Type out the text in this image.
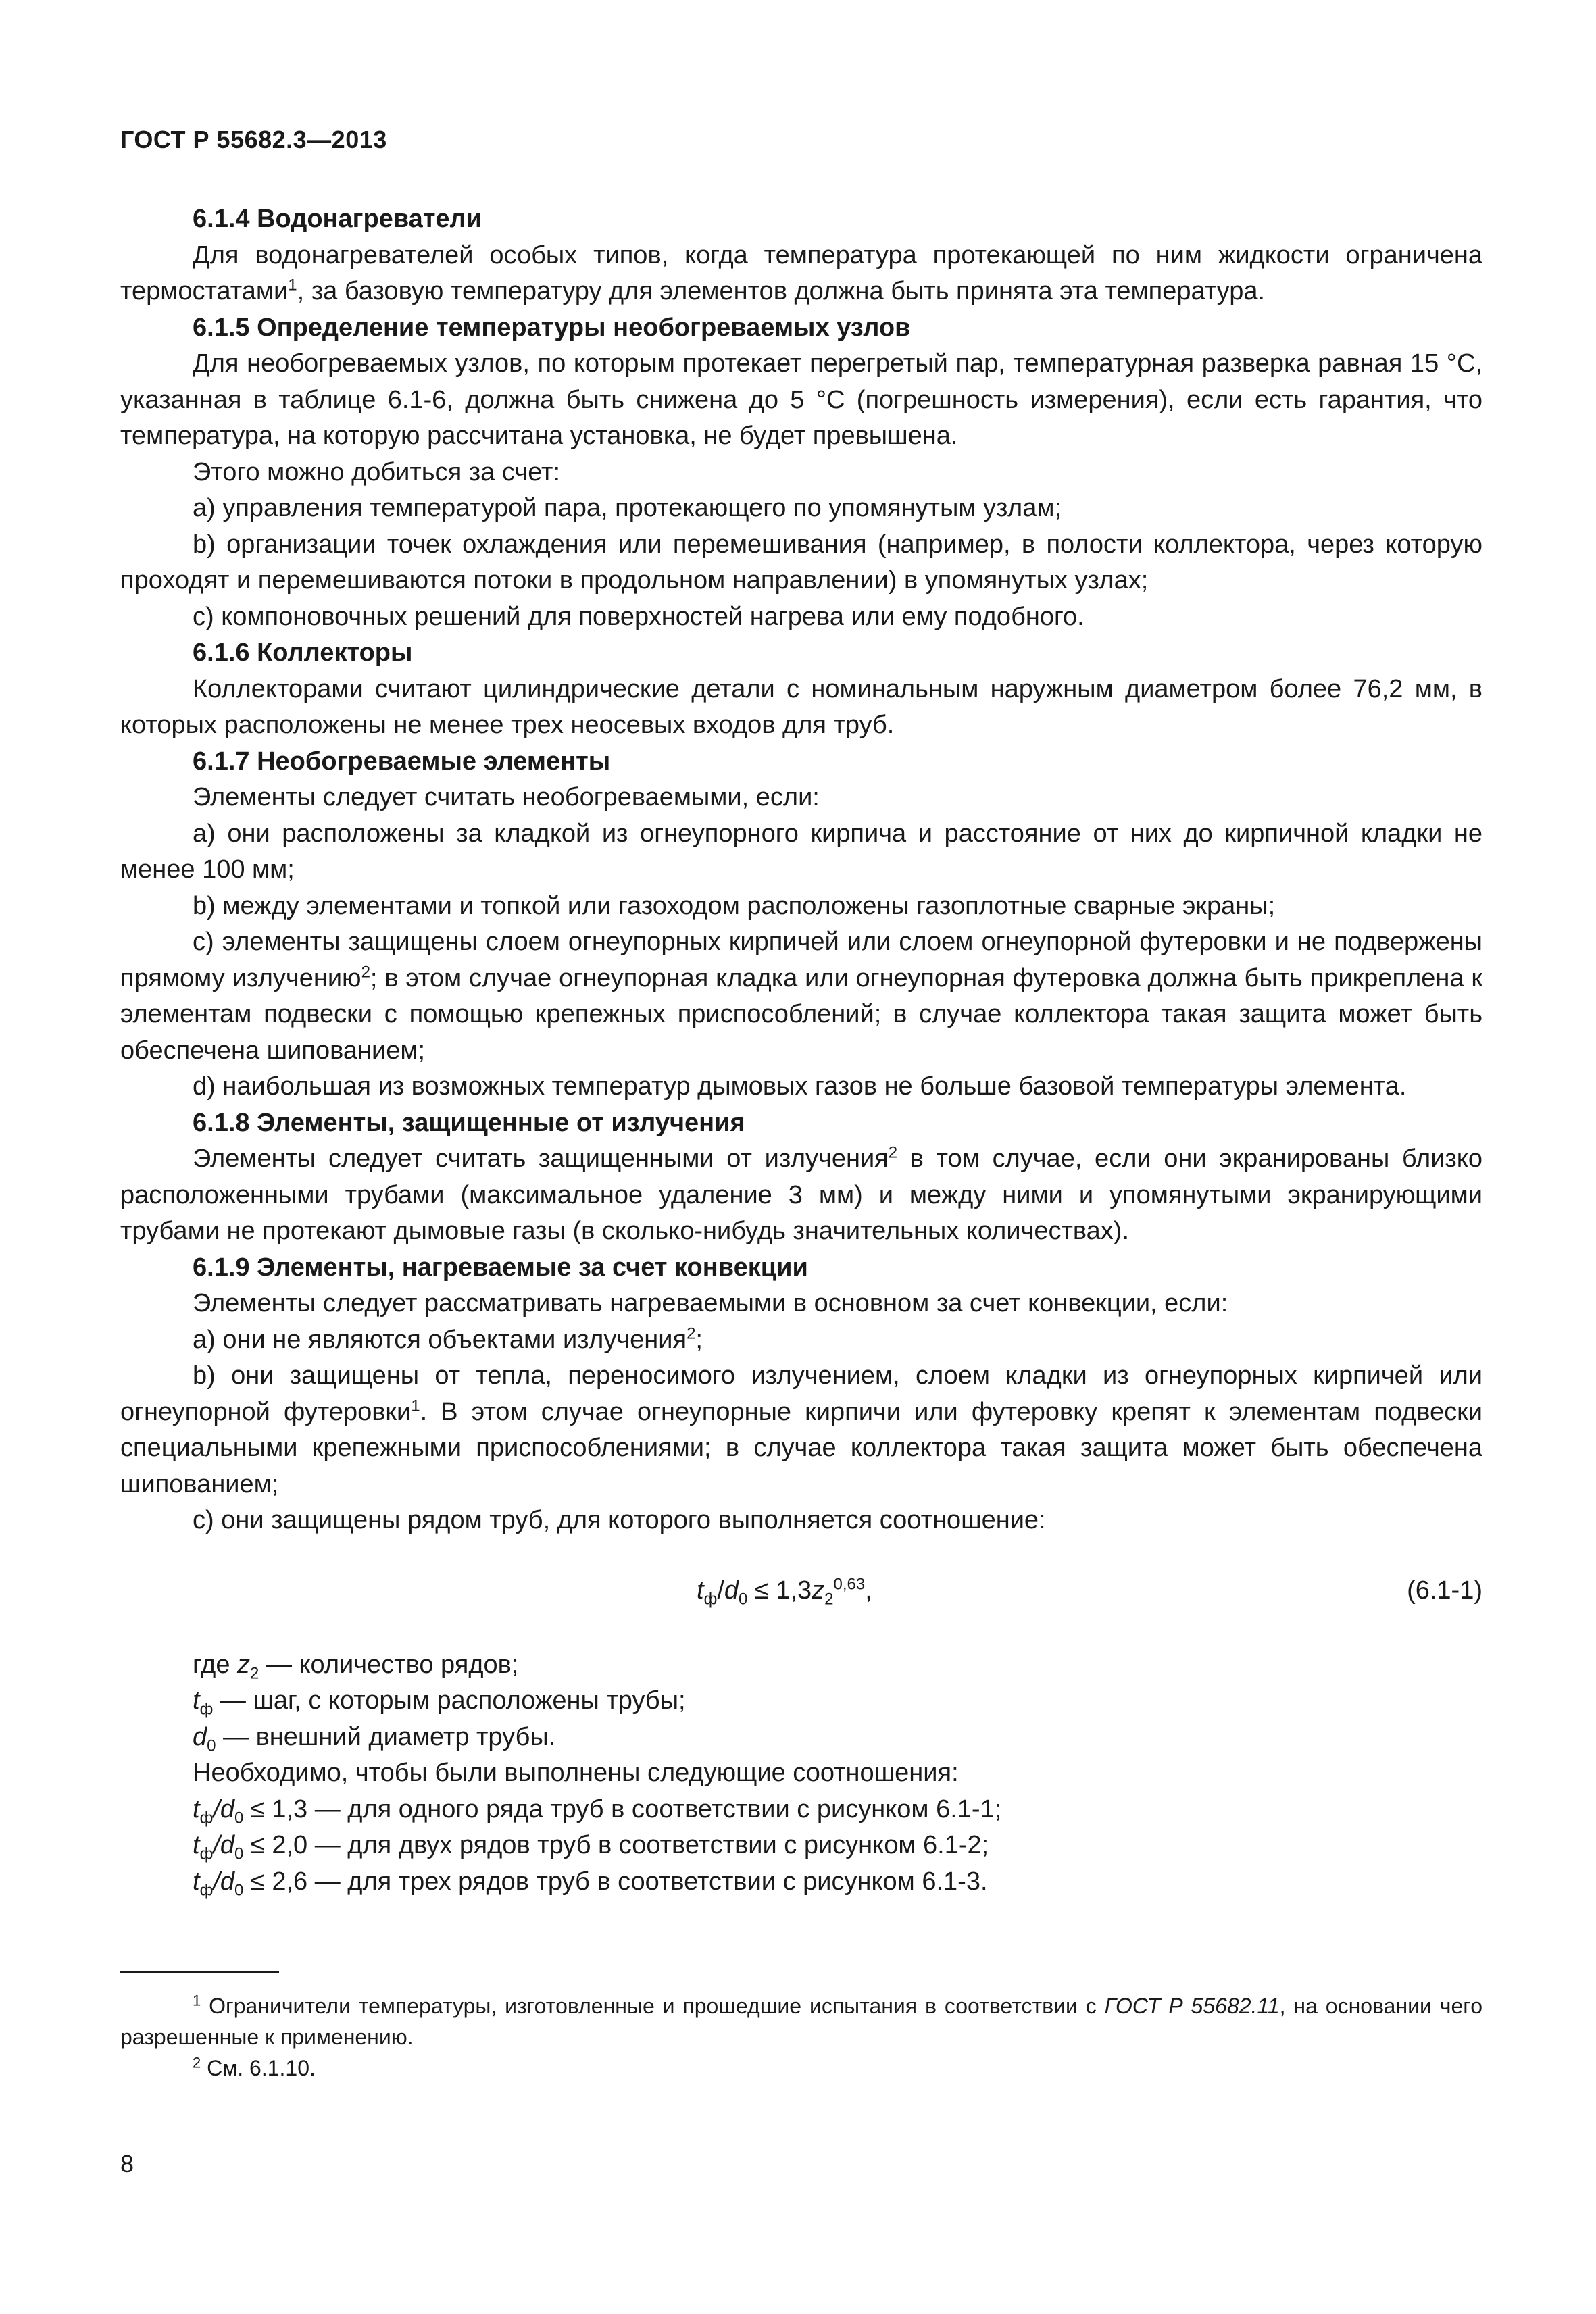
ГОСТ Р 55682.3—2013

6.1.4 Водонагреватели

Для водонагревателей особых типов, когда температура протекающей по ним жидкости ограничена термостатами$^1$, за базовую температуру для элементов должна быть принята эта температура.

6.1.5 Определение температуры необогреваемых узлов

Для необогреваемых узлов, по которым протекает перегретый пар, температурная разверка равная 15 °С, указанная в таблице 6.1-6, должна быть снижена до 5 °С (погрешность измерения), если есть гарантия, что температура, на которую рассчитана установка, не будет превышена.

Этого можно добиться за счет:

а) управления температурой пара, протекающего по упомянутым узлам;

b) организации точек охлаждения или перемешивания (например, в полости коллектора, через которую проходят и перемешиваются потоки в продольном направлении) в упомянутых узлах;

с) компоновочных решений для поверхностей нагрева или ему подобного.

6.1.6 Коллекторы

Коллекторами считают цилиндрические детали с номинальным наружным диаметром более 76,2 мм, в которых расположены не менее трех неосевых входов для труб.

6.1.7 Необогреваемые элементы

Элементы следует считать необогреваемыми, если:

а) они расположены за кладкой из огнеупорного кирпича и расстояние от них до кирпичной кладки не менее 100 мм;

b) между элементами и топкой или газоходом расположены газоплотные сварные экраны;

с) элементы защищены слоем огнеупорных кирпичей или слоем огнеупорной футеровки и не подвержены прямому излучению$^2$; в этом случае огнеупорная кладка или огнеупорная футеровка должна быть прикреплена к элементам подвески с помощью крепежных приспособлений; в случае коллектора такая защита может быть обеспечена шипованием;

d) наибольшая из возможных температур дымовых газов не больше базовой температуры элемента.

6.1.8 Элементы, защищенные от излучения

Элементы следует считать защищенными от излучения$^2$ в том случае, если они экранированы близко расположенными трубами (максимальное удаление 3 мм) и между ними и упомянутыми экранирующими трубами не протекают дымовые газы (в сколько-нибудь значительных количествах).

6.1.9 Элементы, нагреваемые за счет конвекции

Элементы следует рассматривать нагреваемыми в основном за счет конвекции, если:

а) они не являются объектами излучения$^2$;

b) они защищены от тепла, переносимого излучением, слоем кладки из огнеупорных кирпичей или огнеупорной футеровки$^1$. В этом случае огнеупорные кирпичи или футеровку крепят к элементам подвески специальными крепежными приспособлениями; в случае коллектора такая защита может быть обеспечена шипованием;

с) они защищены рядом труб, для которого выполняется соотношение:

$t_ф/d_0 \le 1,3z_2^{0,63}$,	(6.1-1)

где $z_2$ — количество рядов;

$t_ф$ — шаг, с которым расположены трубы;

$d_0$ — внешний диаметр трубы.

Необходимо, чтобы были выполнены следующие соотношения:

$t_ф/d_0 \le 1,3$ — для одного ряда труб в соответствии с рисунком 6.1-1;

$t_ф/d_0 \le 2,0$ — для двух рядов труб в соответствии с рисунком 6.1-2;

$t_ф/d_0 \le 2,6$ — для трех рядов труб в соответствии с рисунком 6.1-3.

$^1$ Ограничители температуры, изготовленные и прошедшие испытания в соответствии с ГОСТ Р 55682.11, на основании чего разрешенные к применению.

$^2$ См. 6.1.10.

8
